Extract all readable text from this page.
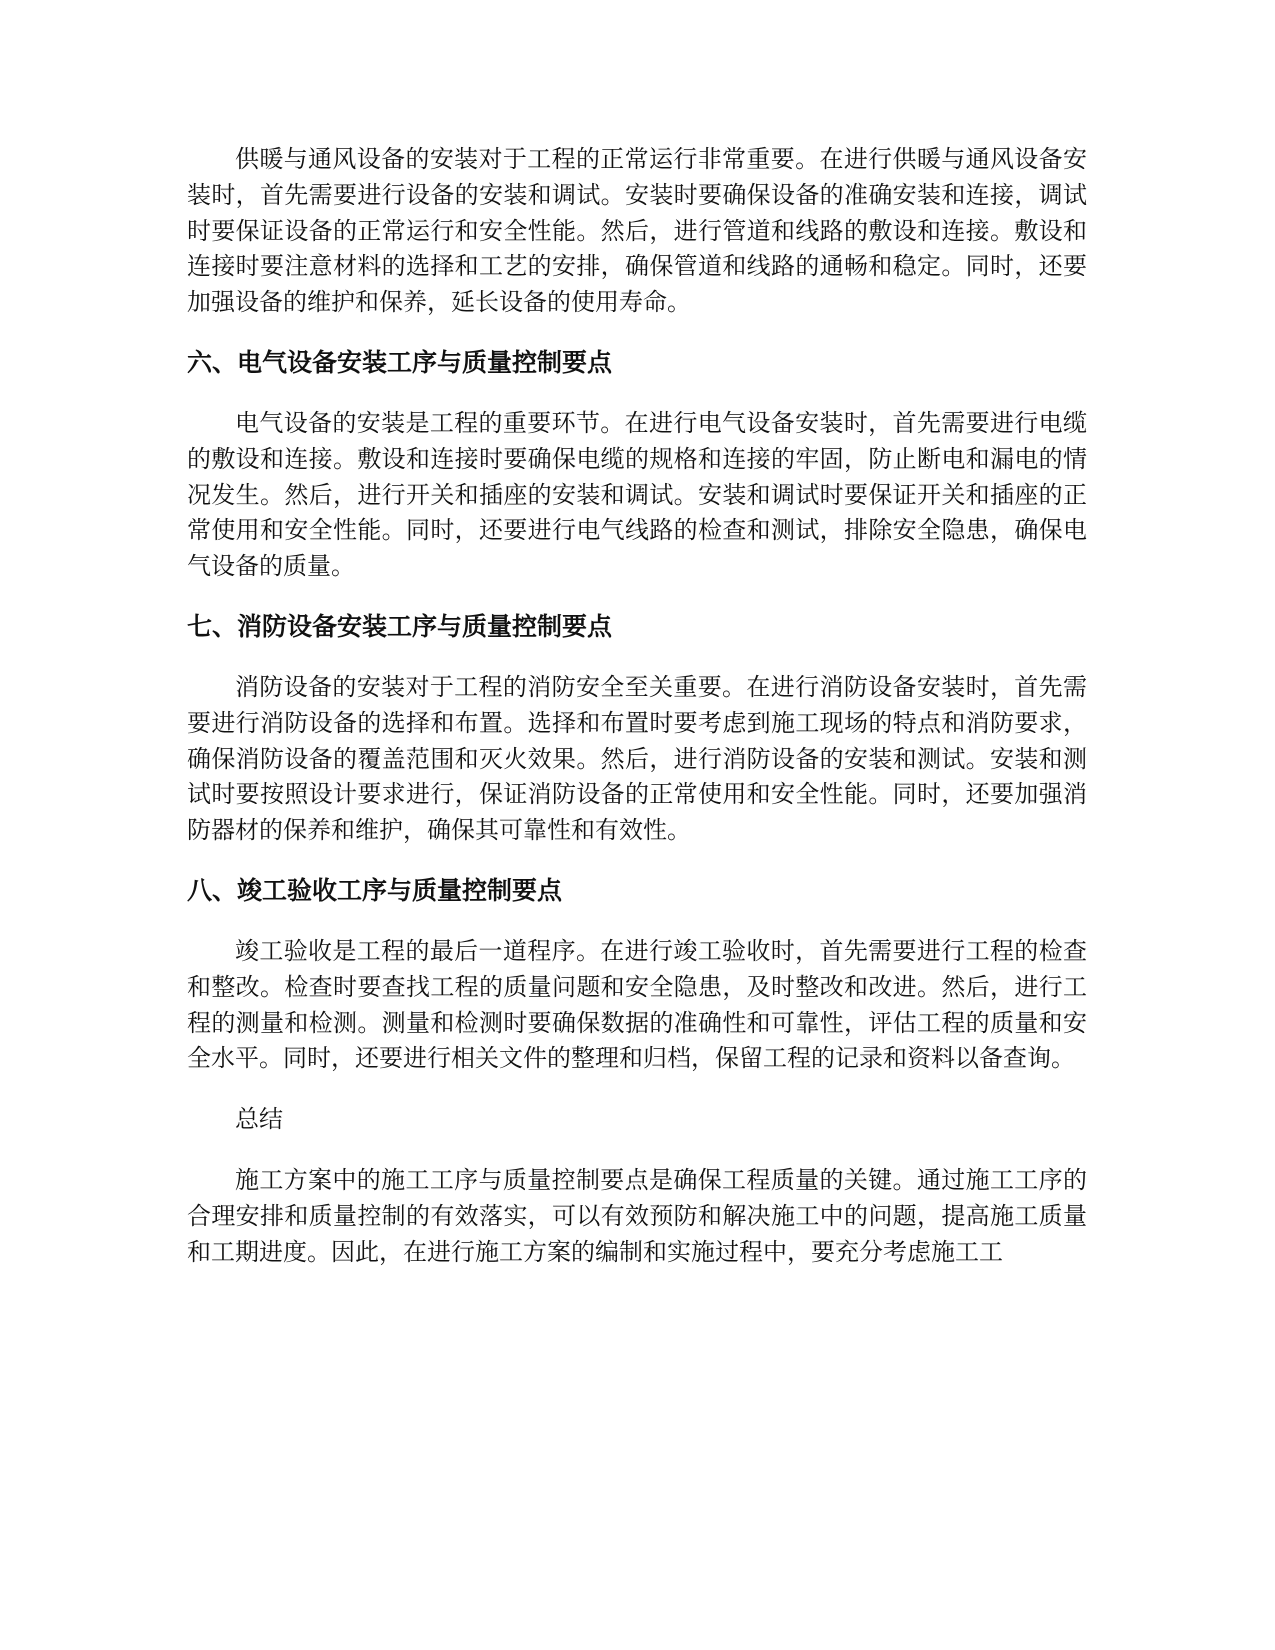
供暖与通风设备的安装对于工程的正常运行非常重要。在进行供暖与通风设备安装时，首先需要进行设备的安装和调试。安装时要确保设备的准确安装和连接，调试时要保证设备的正常运行和安全性能。然后，进行管道和线路的敷设和连接。敷设和连接时要注意材料的选择和工艺的安排，确保管道和线路的通畅和稳定。同时，还要加强设备的维护和保养，延长设备的使用寿命。

六、电气设备安装工序与质量控制要点

电气设备的安装是工程的重要环节。在进行电气设备安装时，首先需要进行电缆的敷设和连接。敷设和连接时要确保电缆的规格和连接的牢固，防止断电和漏电的情况发生。然后，进行开关和插座的安装和调试。安装和调试时要保证开关和插座的正常使用和安全性能。同时，还要进行电气线路的检查和测试，排除安全隐患，确保电气设备的质量。

七、消防设备安装工序与质量控制要点

消防设备的安装对于工程的消防安全至关重要。在进行消防设备安装时，首先需要进行消防设备的选择和布置。选择和布置时要考虑到施工现场的特点和消防要求，确保消防设备的覆盖范围和灭火效果。然后，进行消防设备的安装和测试。安装和测试时要按照设计要求进行，保证消防设备的正常使用和安全性能。同时，还要加强消防器材的保养和维护，确保其可靠性和有效性。

八、竣工验收工序与质量控制要点

竣工验收是工程的最后一道程序。在进行竣工验收时，首先需要进行工程的检查和整改。检查时要查找工程的质量问题和安全隐患，及时整改和改进。然后，进行工程的测量和检测。测量和检测时要确保数据的准确性和可靠性，评估工程的质量和安全水平。同时，还要进行相关文件的整理和归档，保留工程的记录和资料以备查询。

总结

施工方案中的施工工序与质量控制要点是确保工程质量的关键。通过施工工序的合理安排和质量控制的有效落实，可以有效预防和解决施工中的问题，提高施工质量和工期进度。因此，在进行施工方案的编制和实施过程中，要充分考虑施工工
